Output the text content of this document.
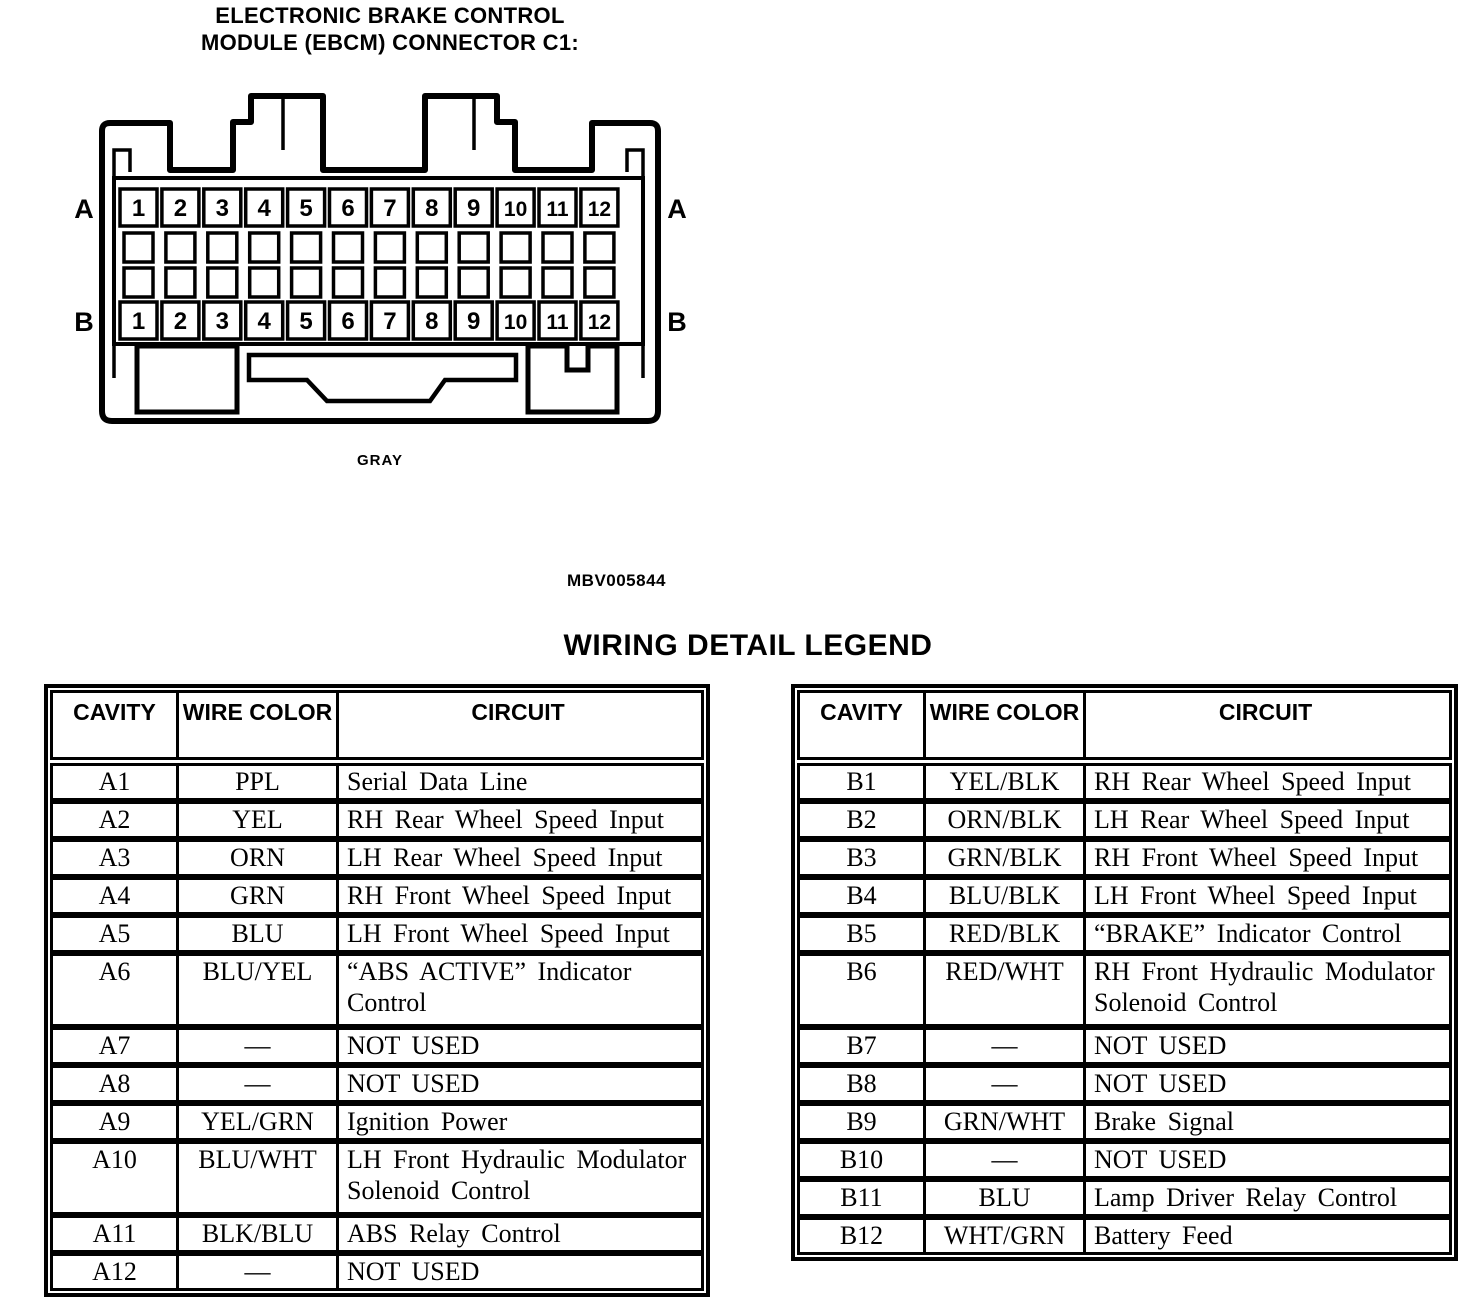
ELECTRONIC BRAKE CONTROL
MODULE (EBCM) CONNECTOR C1:
1
1
2
2
3
3
4
4
5
5
6
6
7
7
8
8
9
9
10
10
11
11
12
12
A	A
B	B
GRAY
MBV005844
WIRING DETAIL LEGEND
CAVITY	WIRE COLOR	CIRCUIT
A1	PPL	Serial Data Line
A2	YEL	RH Rear Wheel Speed Input
A3	ORN	LH Rear Wheel Speed Input
A4	GRN	RH Front Wheel Speed Input
A5	BLU	LH Front Wheel Speed Input
A6	BLU/YEL	“ABS ACTIVE” Indicator Control
A7	—	NOT USED
A8	—	NOT USED
A9	YEL/GRN	Ignition Power
A10	BLU/WHT	LH Front Hydraulic Modulator Solenoid Control
A11	BLK/BLU	ABS Relay Control
A12	—	NOT USED
CAVITY	WIRE COLOR	CIRCUIT
B1	YEL/BLK	RH Rear Wheel Speed Input
B2	ORN/BLK	LH Rear Wheel Speed Input
B3	GRN/BLK	RH Front Wheel Speed Input
B4	BLU/BLK	LH Front Wheel Speed Input
B5	RED/BLK	“BRAKE” Indicator Control
B6	RED/WHT	RH Front Hydraulic Modulator Solenoid Control
B7	—	NOT USED
B8	—	NOT USED
B9	GRN/WHT	Brake Signal
B10	—	NOT USED
B11	BLU	Lamp Driver Relay Control
B12	WHT/GRN	Battery Feed
